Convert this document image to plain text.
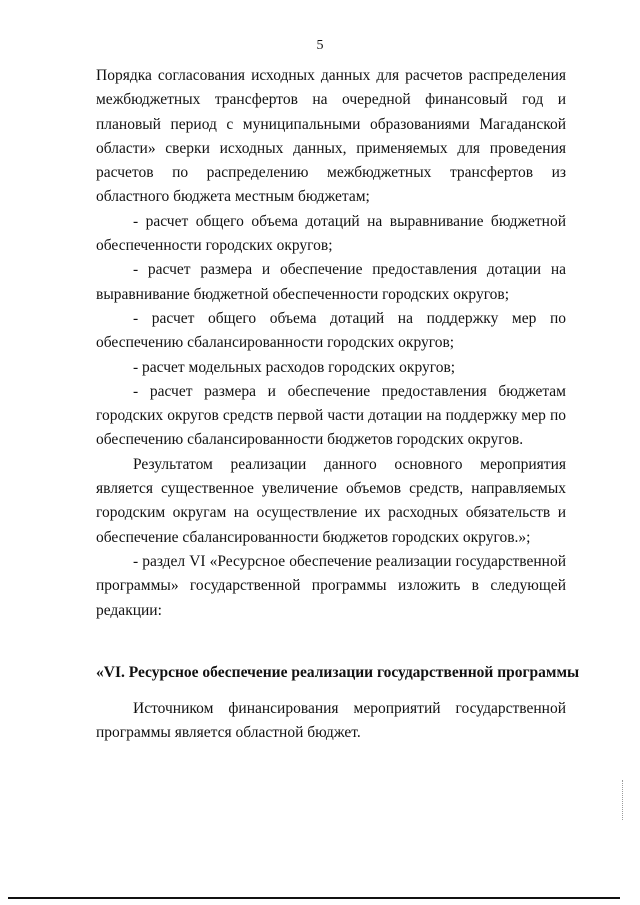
5

Порядка согласования исходных данных для расчетов распределения межбюджетных трансфертов на очередной финансовый год и плановый период с муниципальными образованиями Магаданской области» сверки исходных данных, применяемых для проведения расчетов по распределению межбюджетных трансфертов из областного бюджета местным бюджетам;

- расчет общего объема дотаций на выравнивание бюджетной обеспеченности городских округов;

- расчет размера и обеспечение предоставления дотации на выравнивание бюджетной обеспеченности городских округов;

- расчет общего объема дотаций на поддержку мер по обеспечению сбалансированности городских округов;

- расчет модельных расходов городских округов;

- расчет размера и обеспечение предоставления бюджетам городских округов средств первой части дотации на поддержку мер по обеспечению сбалансированности бюджетов городских округов.

Результатом реализации данного основного мероприятия является существенное увеличение объемов средств, направляемых городским округам на осуществление их расходных обязательств и обеспечение сбалансированности бюджетов городских округов.»;

- раздел VI «Ресурсное обеспечение реализации государственной программы» государственной программы изложить в следующей редакции:

«VI. Ресурсное обеспечение реализации государственной программы

Источником финансирования мероприятий государственной программы является областной бюджет.
